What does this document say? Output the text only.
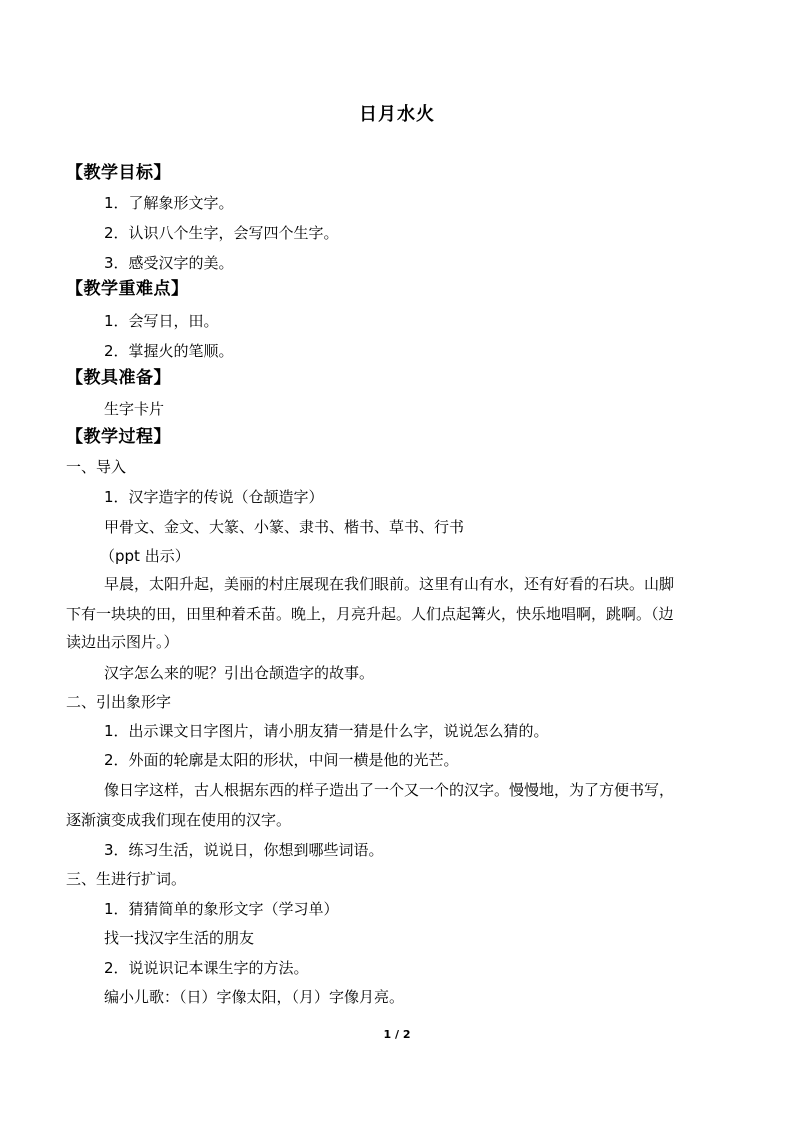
日月水火
【教学目标】
1．了解象形文字。
2．认识八个生字，会写四个生字。
3．感受汉字的美。
【教学重难点】
1．会写日，田。
2．掌握火的笔顺。
【教具准备】
生字卡片
【教学过程】
一、导入
1．汉字造字的传说（仓颉造字）
甲骨文、金文、大篆、小篆、隶书、楷书、草书、行书
（ppt 出示）
早晨，太阳升起，美丽的村庄展现在我们眼前。这里有山有水，还有好看的石块。山脚
下有一块块的田，田里种着禾苗。晚上，月亮升起。人们点起篝火，快乐地唱啊，跳啊。（边
读边出示图片。）
汉字怎么来的呢？引出仓颉造字的故事。
二、引出象形字
1．出示课文日字图片，请小朋友猜一猜是什么字，说说怎么猜的。
2．外面的轮廓是太阳的形状，中间一横是他的光芒。
像日字这样，古人根据东西的样子造出了一个又一个的汉字。慢慢地，为了方便书写，
逐渐演变成我们现在使用的汉字。
3．练习生活，说说日，你想到哪些词语。
三、生进行扩词。
1．猜猜简单的象形文字（学习单）
找一找汉字生活的朋友
2．说说识记本课生字的方法。
编小儿歌：（日）字像太阳，（月）字像月亮。
1 / 2
